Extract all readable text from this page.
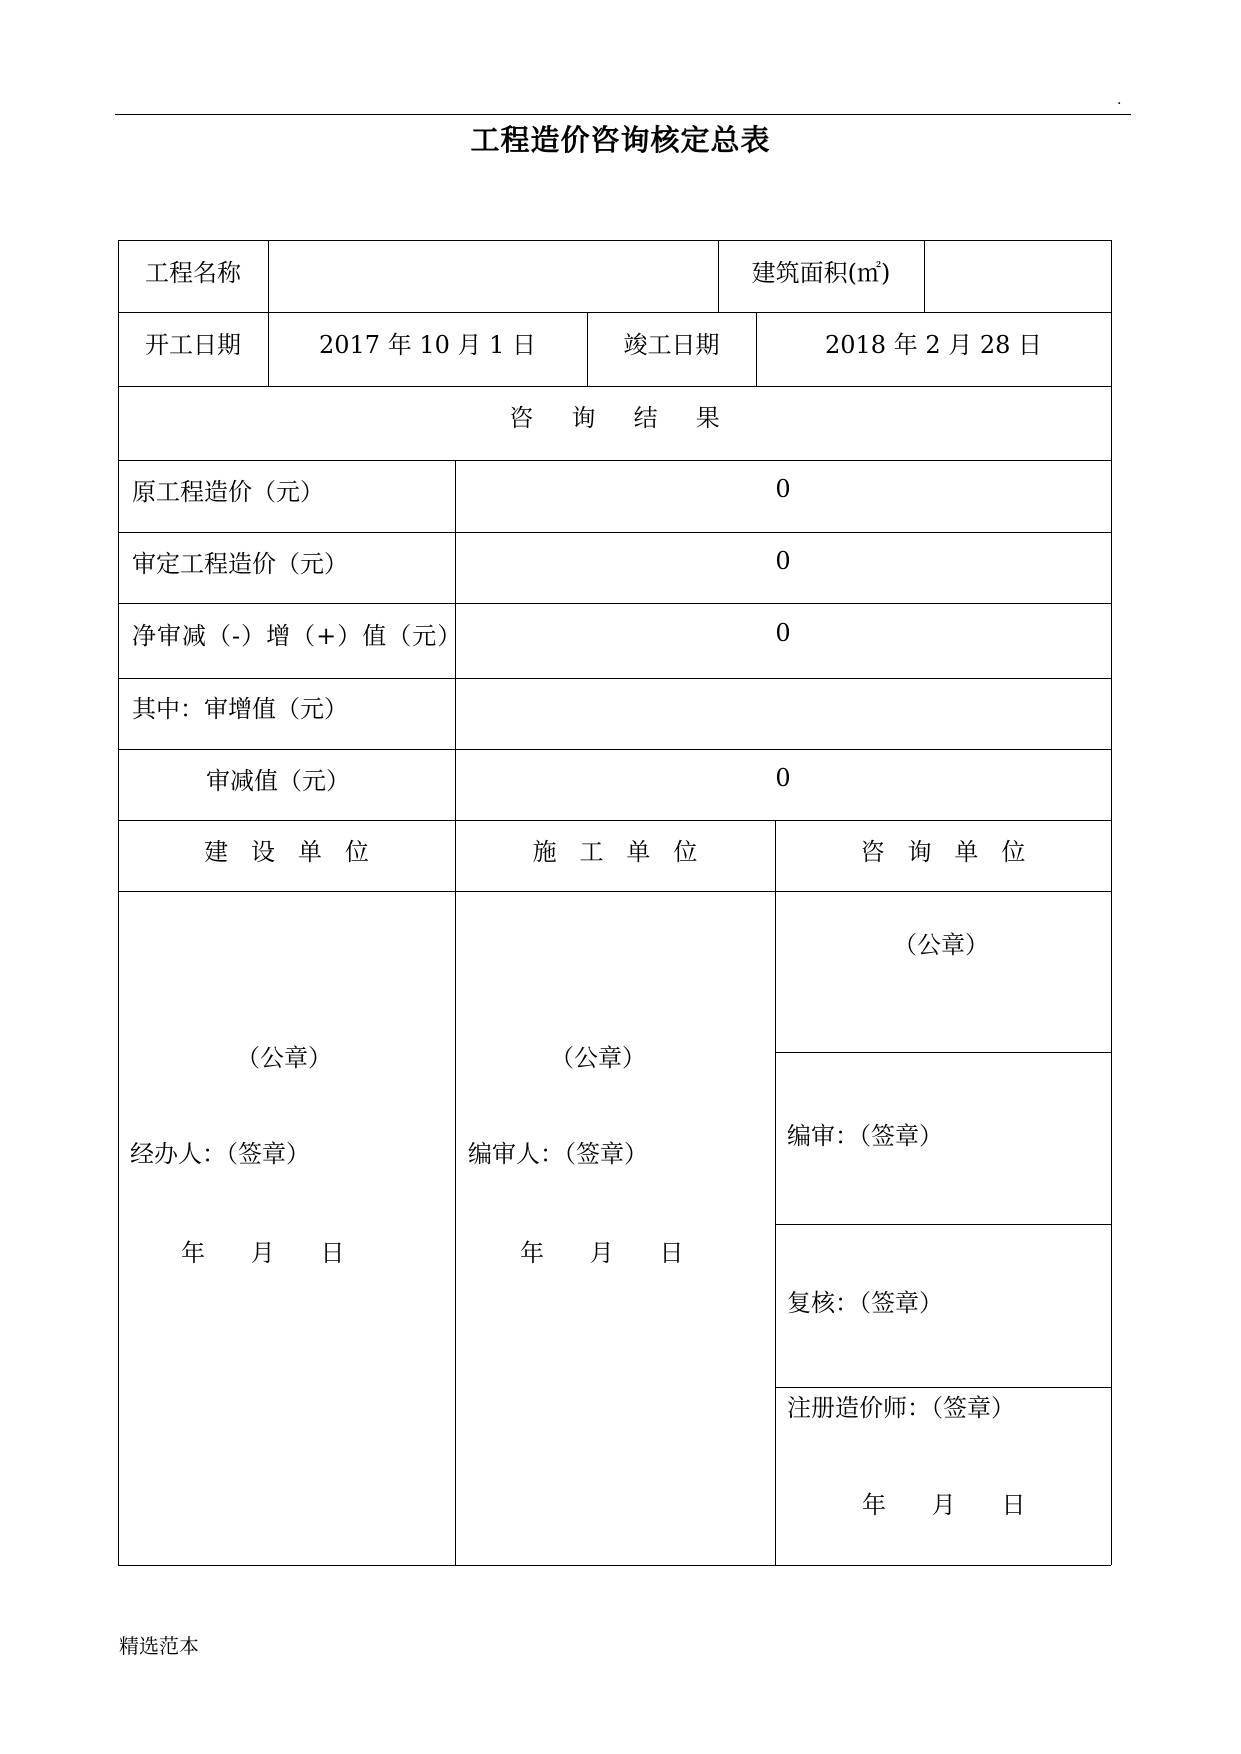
.
工程造价咨询核定总表
工程名称	建筑面积(㎡)
开工日期	2017 年 10 月 1 日	竣工日期	2018 年 2 月 28 日
咨     询     结     果
原工程造价（元）	0
审定工程造价（元）	0
净审减（-）增（+）值（元）	0
其中：审增值（元）
审减值（元）	0
建   设   单   位	施   工   单   位	咨   询   单   位
（公章）
经办人：（签章）
年      月      日
（公章）
编审人：（签章）
年      月      日
（公章）
编审：（签章）
复核：（签章）
注册造价师：（签章）
年      月      日
精选范本
